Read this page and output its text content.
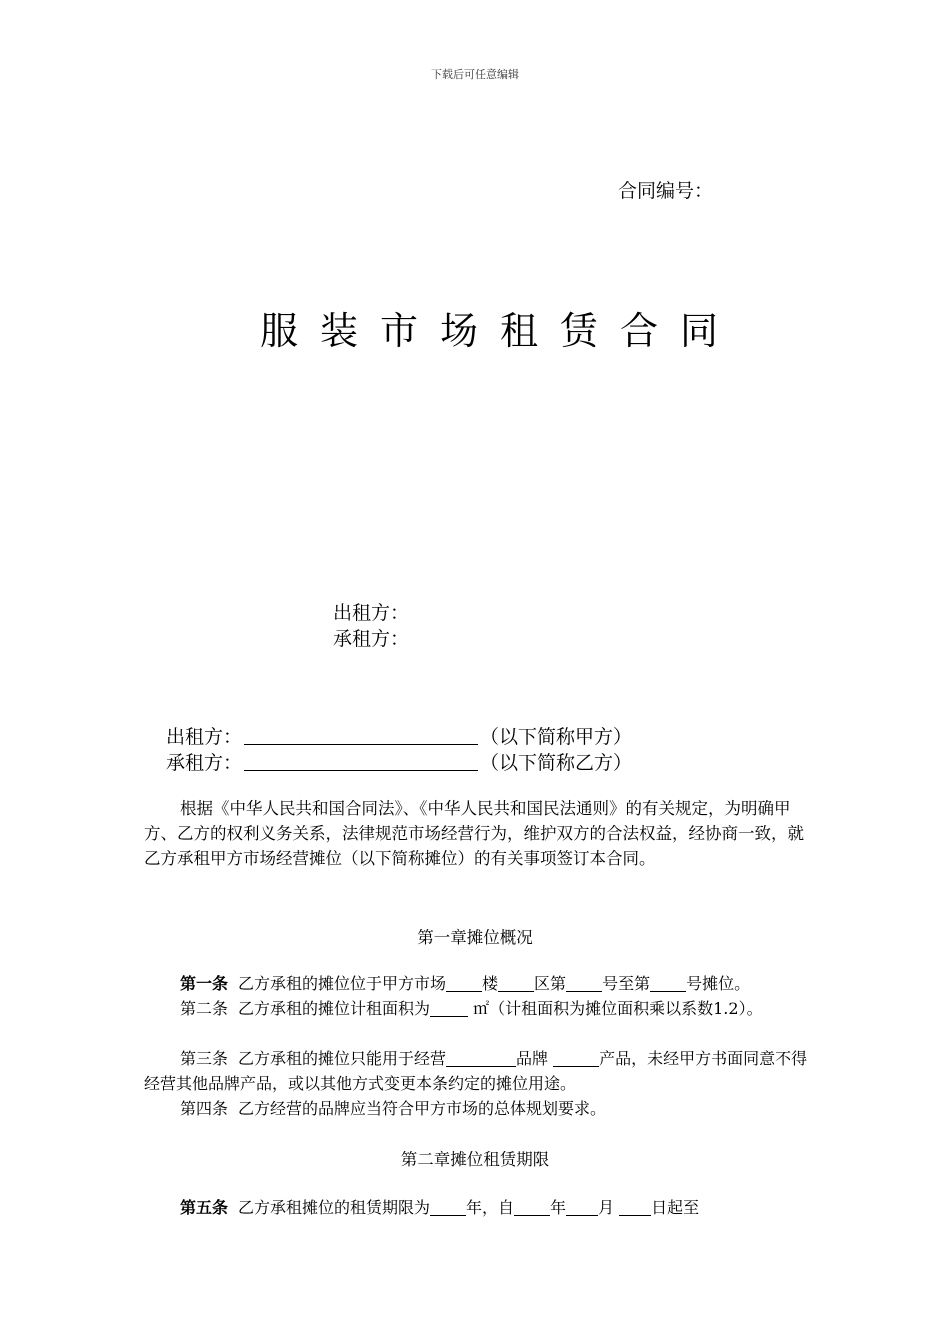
下载后可任意编辑
合同编号：
服装市场租赁合同
出租方：
承租方：
出租方：	（以下简称甲方）
承租方：	（以下简称乙方）
根据《中华人民共和国合同法》、《中华人民共和国民法通则》的有关规定，为明确甲方、乙方的权利义务关系，法律规范市场经营行为，维护双方的合法权益，经协商一致，就乙方承租甲方市场经营摊位（以下简称摊位）的有关事项签订本合同。
第一章摊位概况
第一条 乙方承租的摊位位于甲方市场 楼 区第 号至第 号摊位。
第二条 乙方承租的摊位计租面积为 ㎡（计租面积为摊位面积乘以系数1.2）。
第三条 乙方承租的摊位只能用于经营	品牌	产品，未经甲方书面同意不得经营其他品牌产品，或以其他方式变更本条约定的摊位用途。
第四条 乙方经营的品牌应当符合甲方市场的总体规划要求。
第二章摊位租赁期限
第五条 乙方承租摊位的租赁期限为 年，自 年 月 日起至
